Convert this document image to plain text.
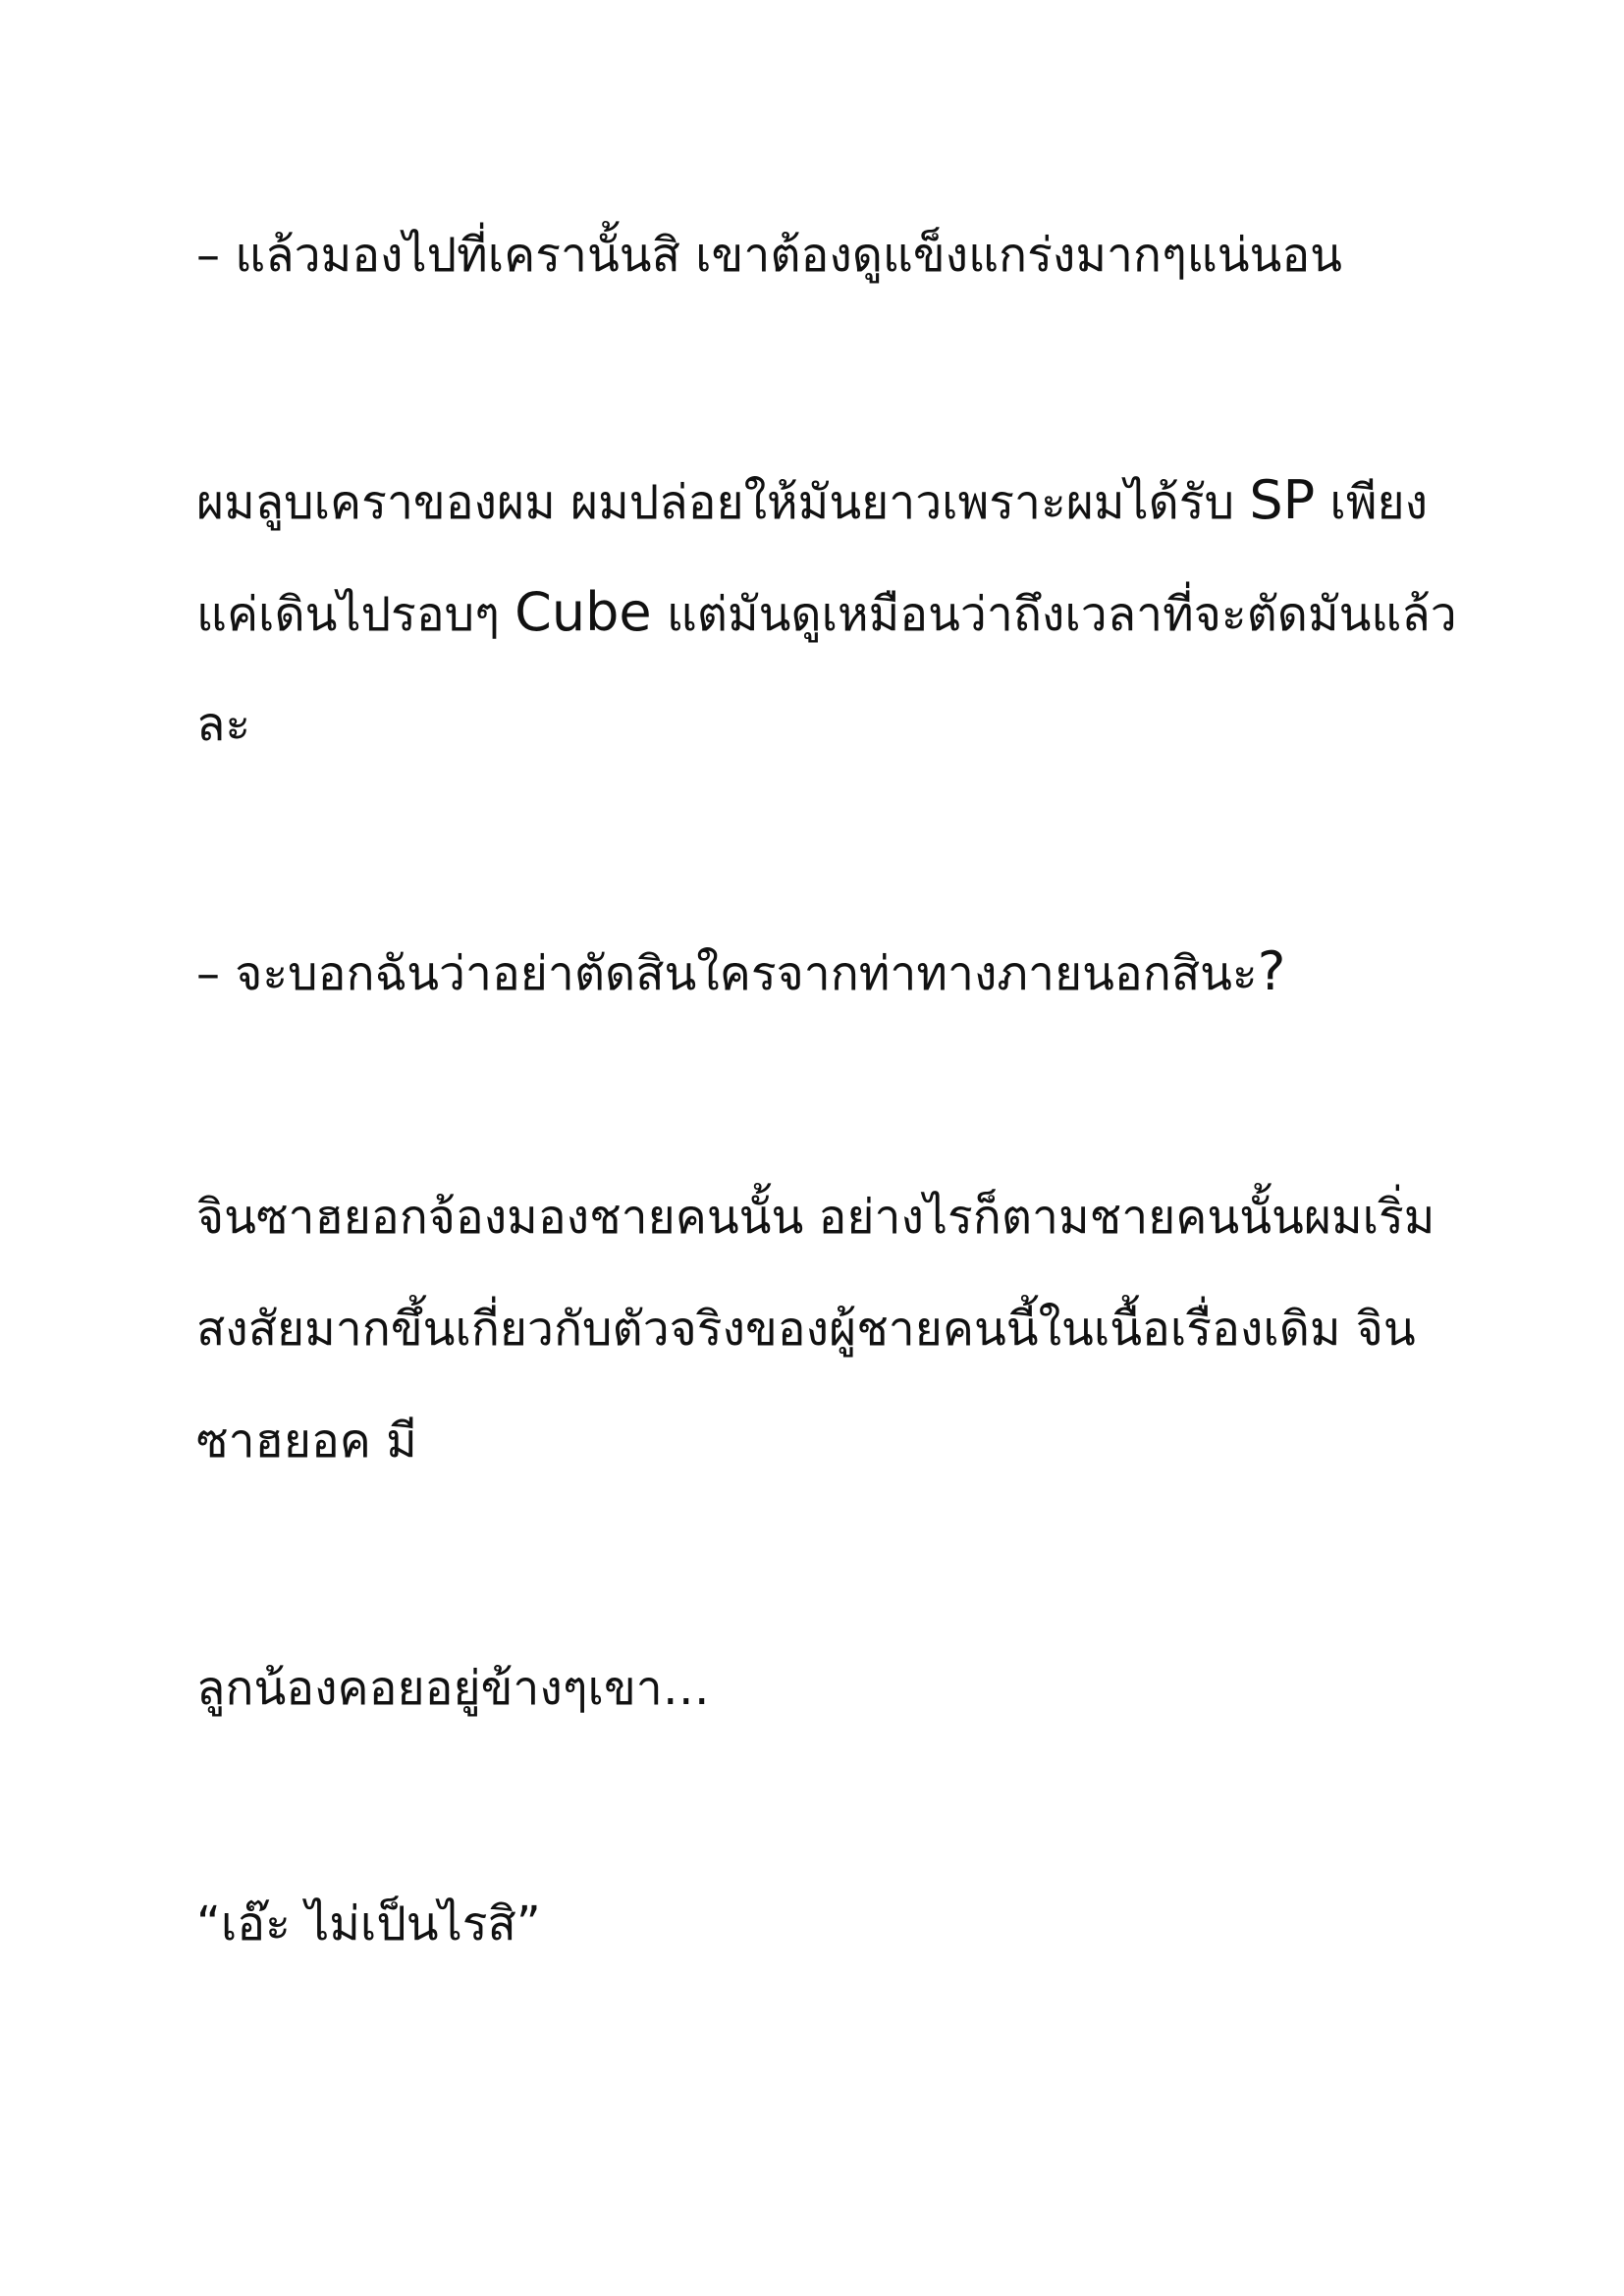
– แล้วมองไปที่เครานั้นสิ เขาต้องดูแข็งแกร่งมากๆแน่นอน

ผมลูบเคราของผม ผมปล่อยให้มันยาวเพราะผมได้รับ SP เพียง

แค่เดินไปรอบๆ Cube แต่มันดูเหมือนว่าถึงเวลาที่จะตัดมันแล้ว

ละ

– จะบอกฉันว่าอย่าตัดสินใครจากท่าทางภายนอกสินะ?

จินซาฮยอกจ้องมองชายคนนั้น อย่างไรก็ตามชายคนนั้นผมเริ่ม

สงสัยมากขึ้นเกี่ยวกับตัวจริงของผู้ชายคนนี้ในเนื้อเรื่องเดิม จิน

ซาฮยอค มี

ลูกน้องคอยอยู่ข้างๆเขา…

“เอ๊ะ ไม่เป็นไรสิ”
